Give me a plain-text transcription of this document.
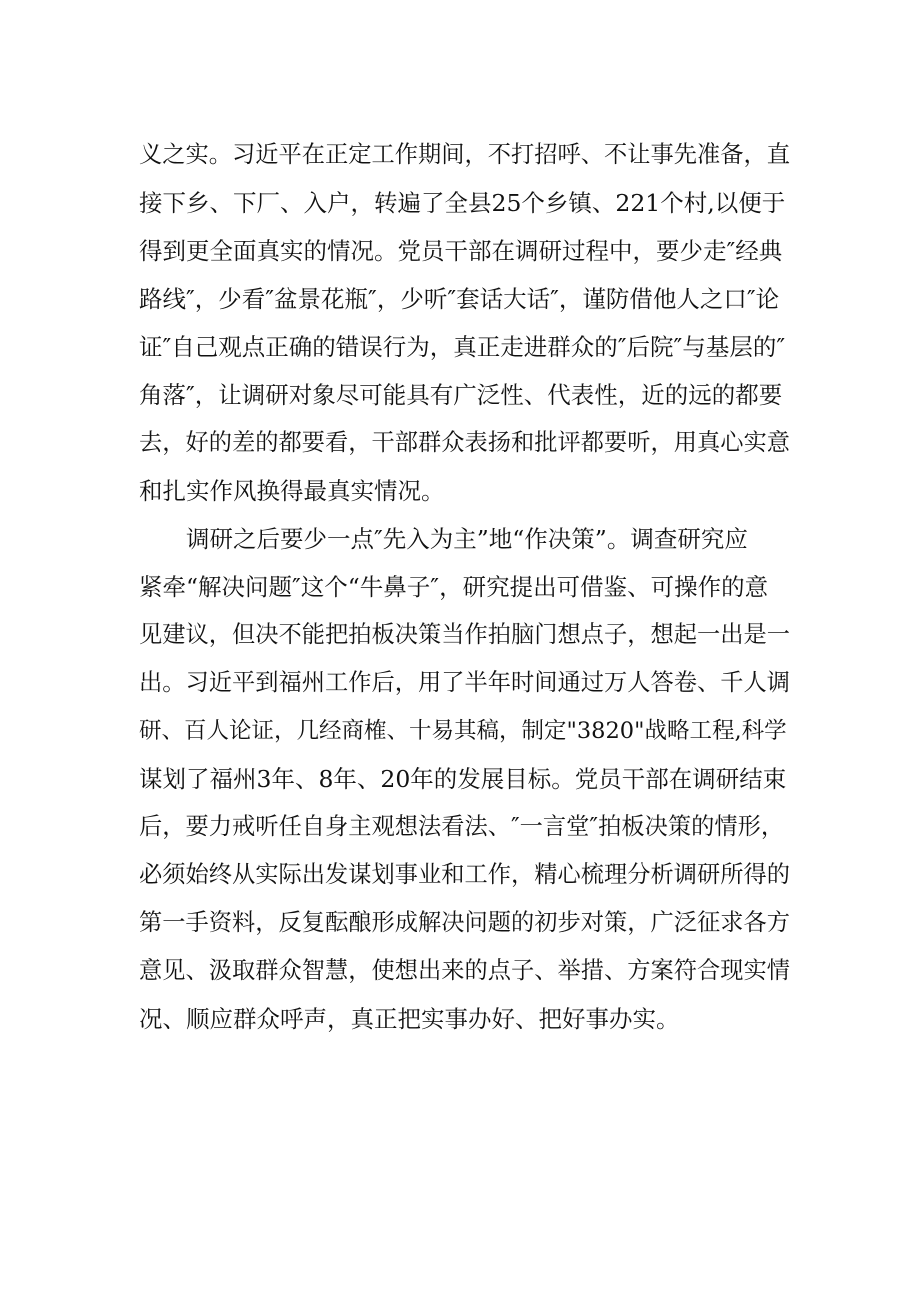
义之实。习近平在正定工作期间，不打招呼、不让事先准备，直
接下乡、下厂、入户，转遍了全县25个乡镇、221个村,以便于
得到更全面真实的情况。党员干部在调研过程中，要少走″经典
路线″，少看″盆景花瓶″，少听″套话大话″，谨防借他人之口″论
证″自己观点正确的错误行为，真正走进群众的″后院″与基层的″
角落″，让调研对象尽可能具有广泛性、代表性，近的远的都要
去，好的差的都要看，干部群众表扬和批评都要听，用真心实意
和扎实作风换得最真实情况。
调研之后要少一点″先入为主”地“作决策”。调查研究应
紧牵“解决问题″这个“牛鼻子″，研究提出可借鉴、可操作的意
见建议，但决不能把拍板决策当作拍脑门想点子，想起一出是一
出。习近平到福州工作后，用了半年时间通过万人答卷、千人调
研、百人论证，几经商榷、十易其稿，制定"3820"战略工程,科学
谋划了福州3年、8年、20年的发展目标。党员干部在调研结束
后，要力戒听任自身主观想法看法、″一言堂″拍板决策的情形，
必须始终从实际出发谋划事业和工作，精心梳理分析调研所得的
第一手资料，反复酝酿形成解决问题的初步对策，广泛征求各方
意见、汲取群众智慧，使想出来的点子、举措、方案符合现实情
况、顺应群众呼声，真正把实事办好、把好事办实。
